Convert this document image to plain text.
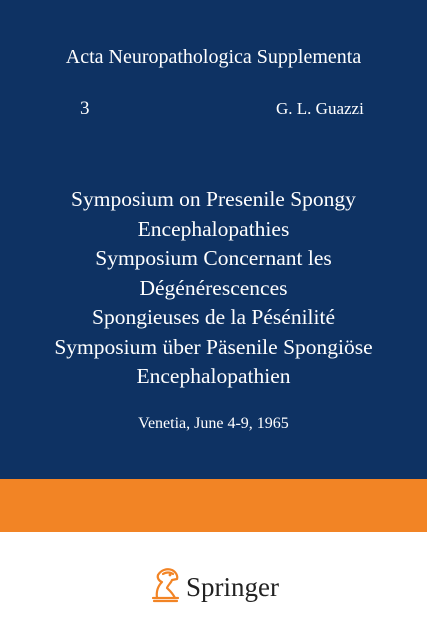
Acta Neuropathologica Supplementa
3	G. L. Guazzi
Symposium on Presenile Spongy
Encephalopathies
Symposium Concernant les
Dégénérescences
Spongieuses de la Pésénilité
Symposium über Päsenile Spongiöse
Encephalopathien
Venetia, June 4-9, 1965
Springer
